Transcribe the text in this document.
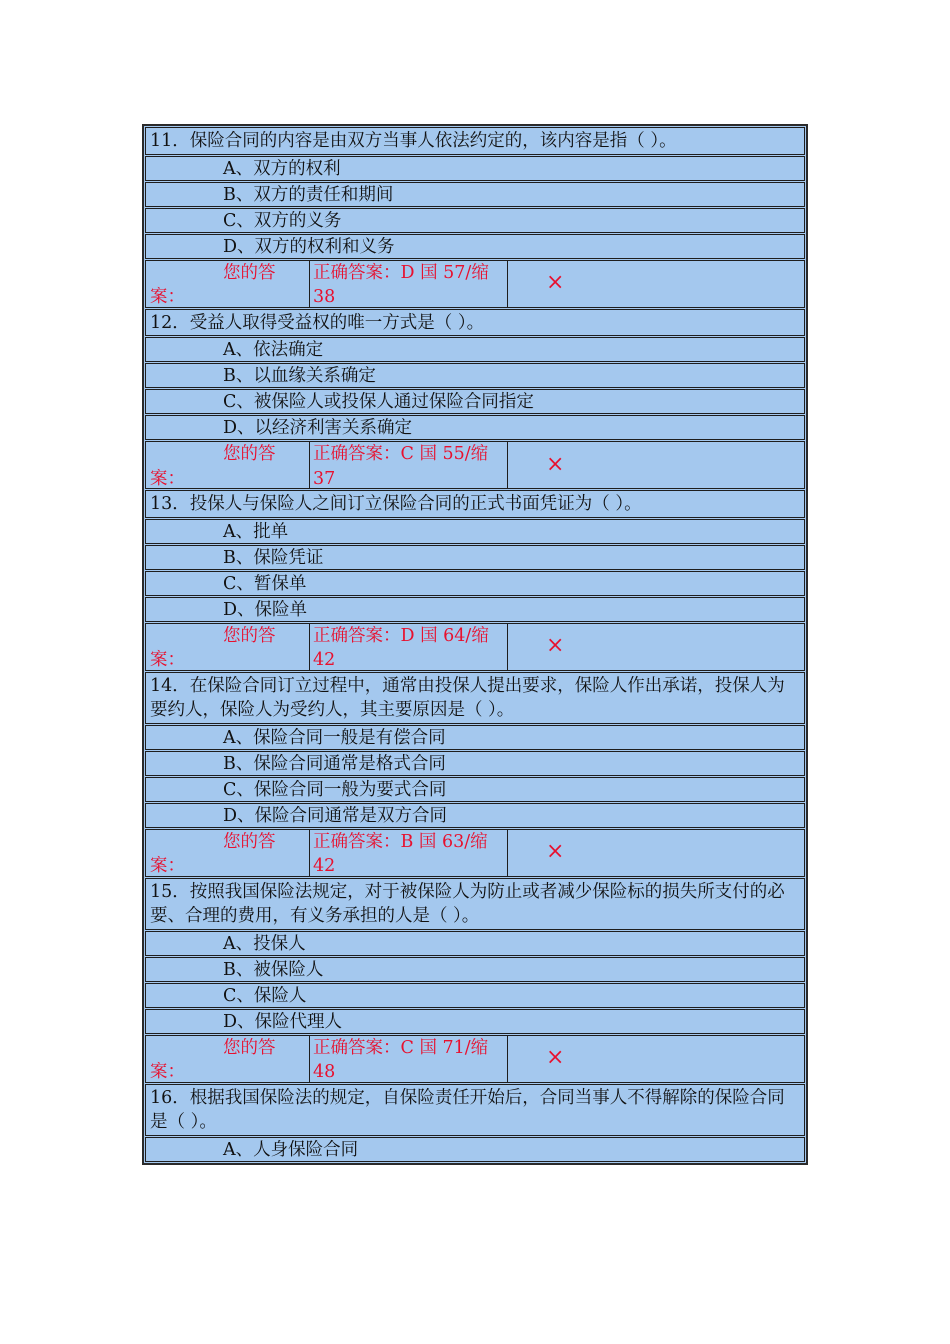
11．保险合同的内容是由双方当事人依法约定的，该内容是指（ ）。
A、双方的权利
B、双方的责任和期间
C、双方的义务
D、双方的权利和义务
您的答
案：
正确答案：D 国 57/缩
38
×
12．受益人取得受益权的唯一方式是（ ）。
A、依法确定
B、以血缘关系确定
C、被保险人或投保人通过保险合同指定
D、以经济利害关系确定
您的答
案：
正确答案：C 国 55/缩
37
×
13．投保人与保险人之间订立保险合同的正式书面凭证为（ ）。
A、批单
B、保险凭证
C、暂保单
D、保险单
您的答
案：
正确答案：D 国 64/缩
42
×
14．在保险合同订立过程中，通常由投保人提出要求，保险人作出承诺，投保人为要约人，保险人为受约人，其主要原因是（ ）。
A、保险合同一般是有偿合同
B、保险合同通常是格式合同
C、保险合同一般为要式合同
D、保险合同通常是双方合同
您的答
案：
正确答案：B 国 63/缩
42
×
15．按照我国保险法规定，对于被保险人为防止或者减少保险标的损失所支付的必要、合理的费用，有义务承担的人是（ ）。
A、投保人
B、被保险人
C、保险人
D、保险代理人
您的答
案：
正确答案：C 国 71/缩
48
×
16．根据我国保险法的规定，自保险责任开始后，合同当事人不得解除的保险合同是（ ）。
A、人身保险合同
